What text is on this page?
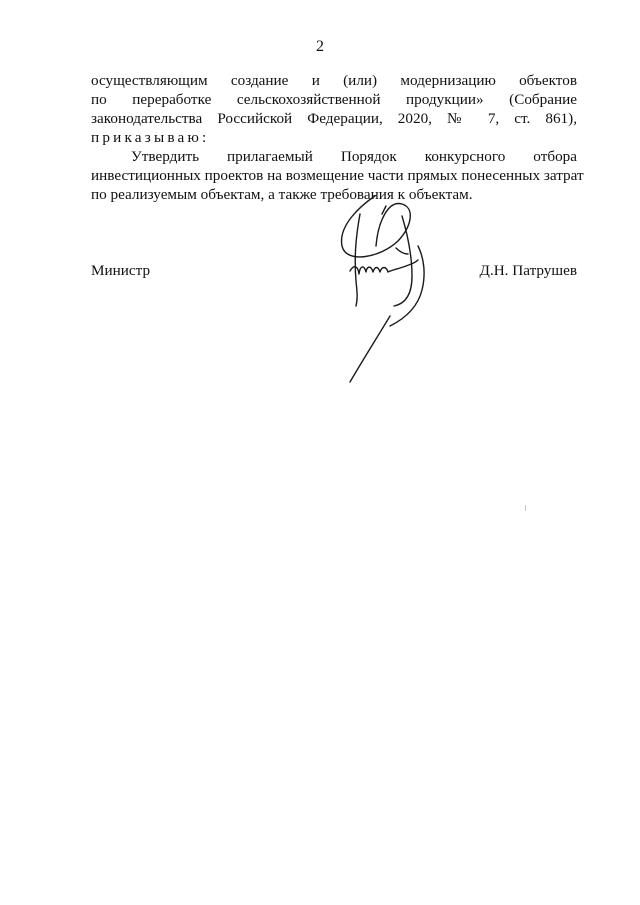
2
осуществляющим создание и (или) модернизацию объектов
по переработке сельскохозяйственной продукции» (Собрание
законодательства Российской Федерации, 2020, № 7, ст. 861),
приказываю:
Утвердить прилагаемый Порядок конкурсного отбора
инвестиционных проектов на возмещение части прямых понесенных затрат
по реализуемым объектам, а также требования к объектам.
Министр	Д.Н. Патрушев
